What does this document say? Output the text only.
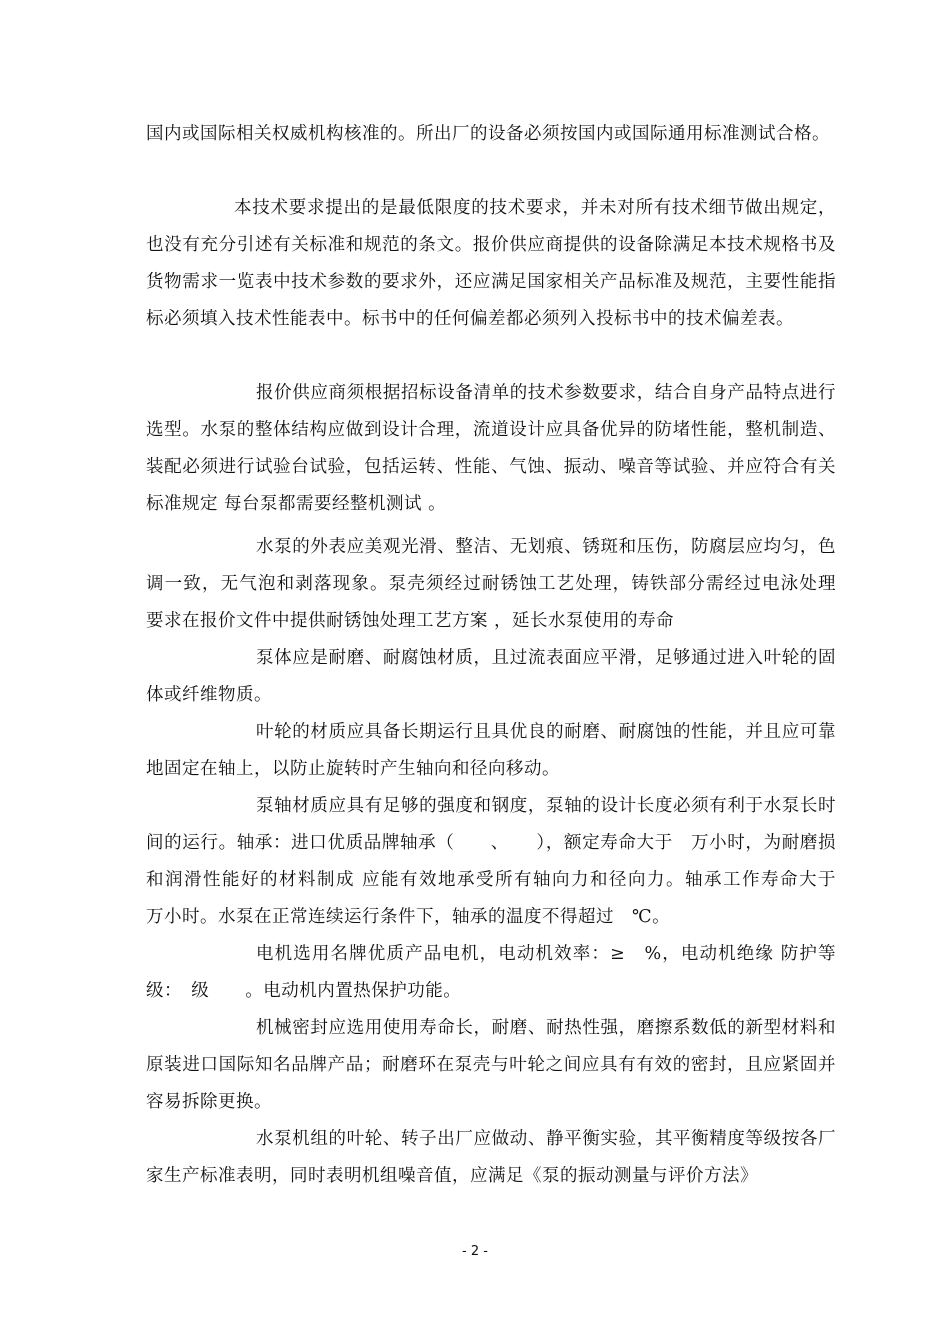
国内或国际相关权威机构核准的。所出厂的设备必须按国内或国际通用标准测试合格。

本技术要求提出的是最低限度的技术要求，并未对所有技术细节做出规定，也没有充分引述有关标准和规范的条文。报价供应商提供的设备除满足本技术规格书及货物需求一览表中技术参数的要求外，还应满足国家相关产品标准及规范，主要性能指标必须填入技术性能表中。标书中的任何偏差都必须列入投标书中的技术偏差表。

报价供应商须根据招标设备清单的技术参数要求，结合自身产品特点进行选型。水泵的整体结构应做到设计合理，流道设计应具备优异的防堵性能，整机制造、装配必须进行试验台试验，包括运转、性能、气蚀、振动、噪音等试验、并应符合有关标准规定 每台泵都需要经整机测试 。

水泵的外表应美观光滑、整洁、无划痕、锈斑和压伤，防腐层应均匀，色调一致，无气泡和剥落现象。泵壳须经过耐锈蚀工艺处理，铸铁部分需经过电泳处理 要求在报价文件中提供耐锈蚀处理工艺方案 ，延长水泵使用的寿命

泵体应是耐磨、耐腐蚀材质，且过流表面应平滑，足够通过进入叶轮的固体或纤维物质。

叶轮的材质应具备长期运行且具优良的耐磨、耐腐蚀的性能，并且应可靠地固定在轴上，以防止旋转时产生轴向和径向移动。

泵轴材质应具有足够的强度和钢度，泵轴的设计长度必须有利于水泵长时间的运行。轴承：进口优质品牌轴承（　　、　　），额定寿命大于　万小时，为耐磨损和润滑性能好的材料制成 应能有效地承受所有轴向力和径向力。轴承工作寿命大于　万小时。水泵在正常连续运行条件下，轴承的温度不得超过　℃。

电机选用名牌优质产品电机，电动机效率：≥　%，电动机绝缘 防护等级：　级　　。电动机内置热保护功能。

机械密封应选用使用寿命长，耐磨、耐热性强，磨擦系数低的新型材料和原装进口国际知名品牌产品；耐磨环在泵壳与叶轮之间应具有有效的密封，且应紧固并容易拆除更换。

水泵机组的叶轮、转子出厂应做动、静平衡实验，其平衡精度等级按各厂家生产标准表明，同时表明机组噪音值，应满足《泵的振动测量与评价方法》

- 2 -
